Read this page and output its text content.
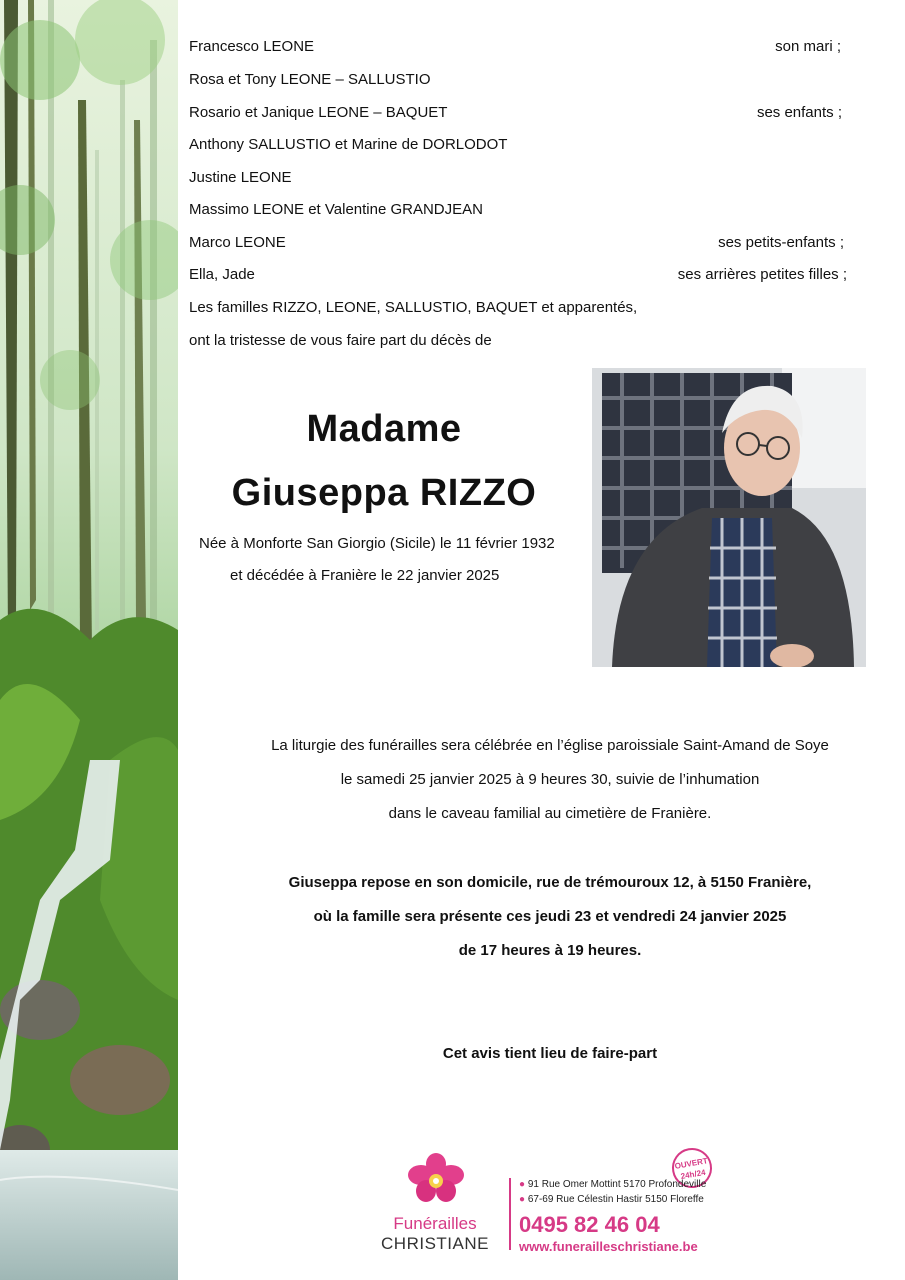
Francesco LEONE	son mari ;
Rosa et Tony LEONE – SALLUSTIO
Rosario et Janique LEONE – BAQUET	ses enfants ;
Anthony SALLUSTIO et Marine de DORLODOT
Justine LEONE
Massimo LEONE et Valentine GRANDJEAN
Marco LEONE	ses petits-enfants ;
Ella, Jade	ses arrières petites filles ;
Les familles RIZZO, LEONE, SALLUSTIO, BAQUET et apparentés,
ont la tristesse de vous faire part du décès de
Madame
Giuseppa RIZZO
Née à Monforte San Giorgio (Sicile) le 11 février 1932
et décédée à Franière le 22 janvier 2025
La liturgie des funérailles sera célébrée en l’église paroissiale Saint-Amand de Soye
le samedi 25 janvier 2025 à 9 heures 30, suivie de l’inhumation
dans le caveau familial au cimetière de Franière.
Giuseppa repose en son domicile, rue de trémouroux 12, à 5150 Franière,
où la famille sera présente ces jeudi 23 et vendredi 24 janvier 2025
de 17 heures à 19 heures.
Cet avis tient lieu de faire-part
Funérailles
CHRISTIANE
OUVERT
24h/24
● 91 Rue Omer Mottint 5170 Profondeville
● 67-69 Rue Célestin Hastir 5150 Floreffe
0495 82 46 04
www.funerailleschristiane.be
